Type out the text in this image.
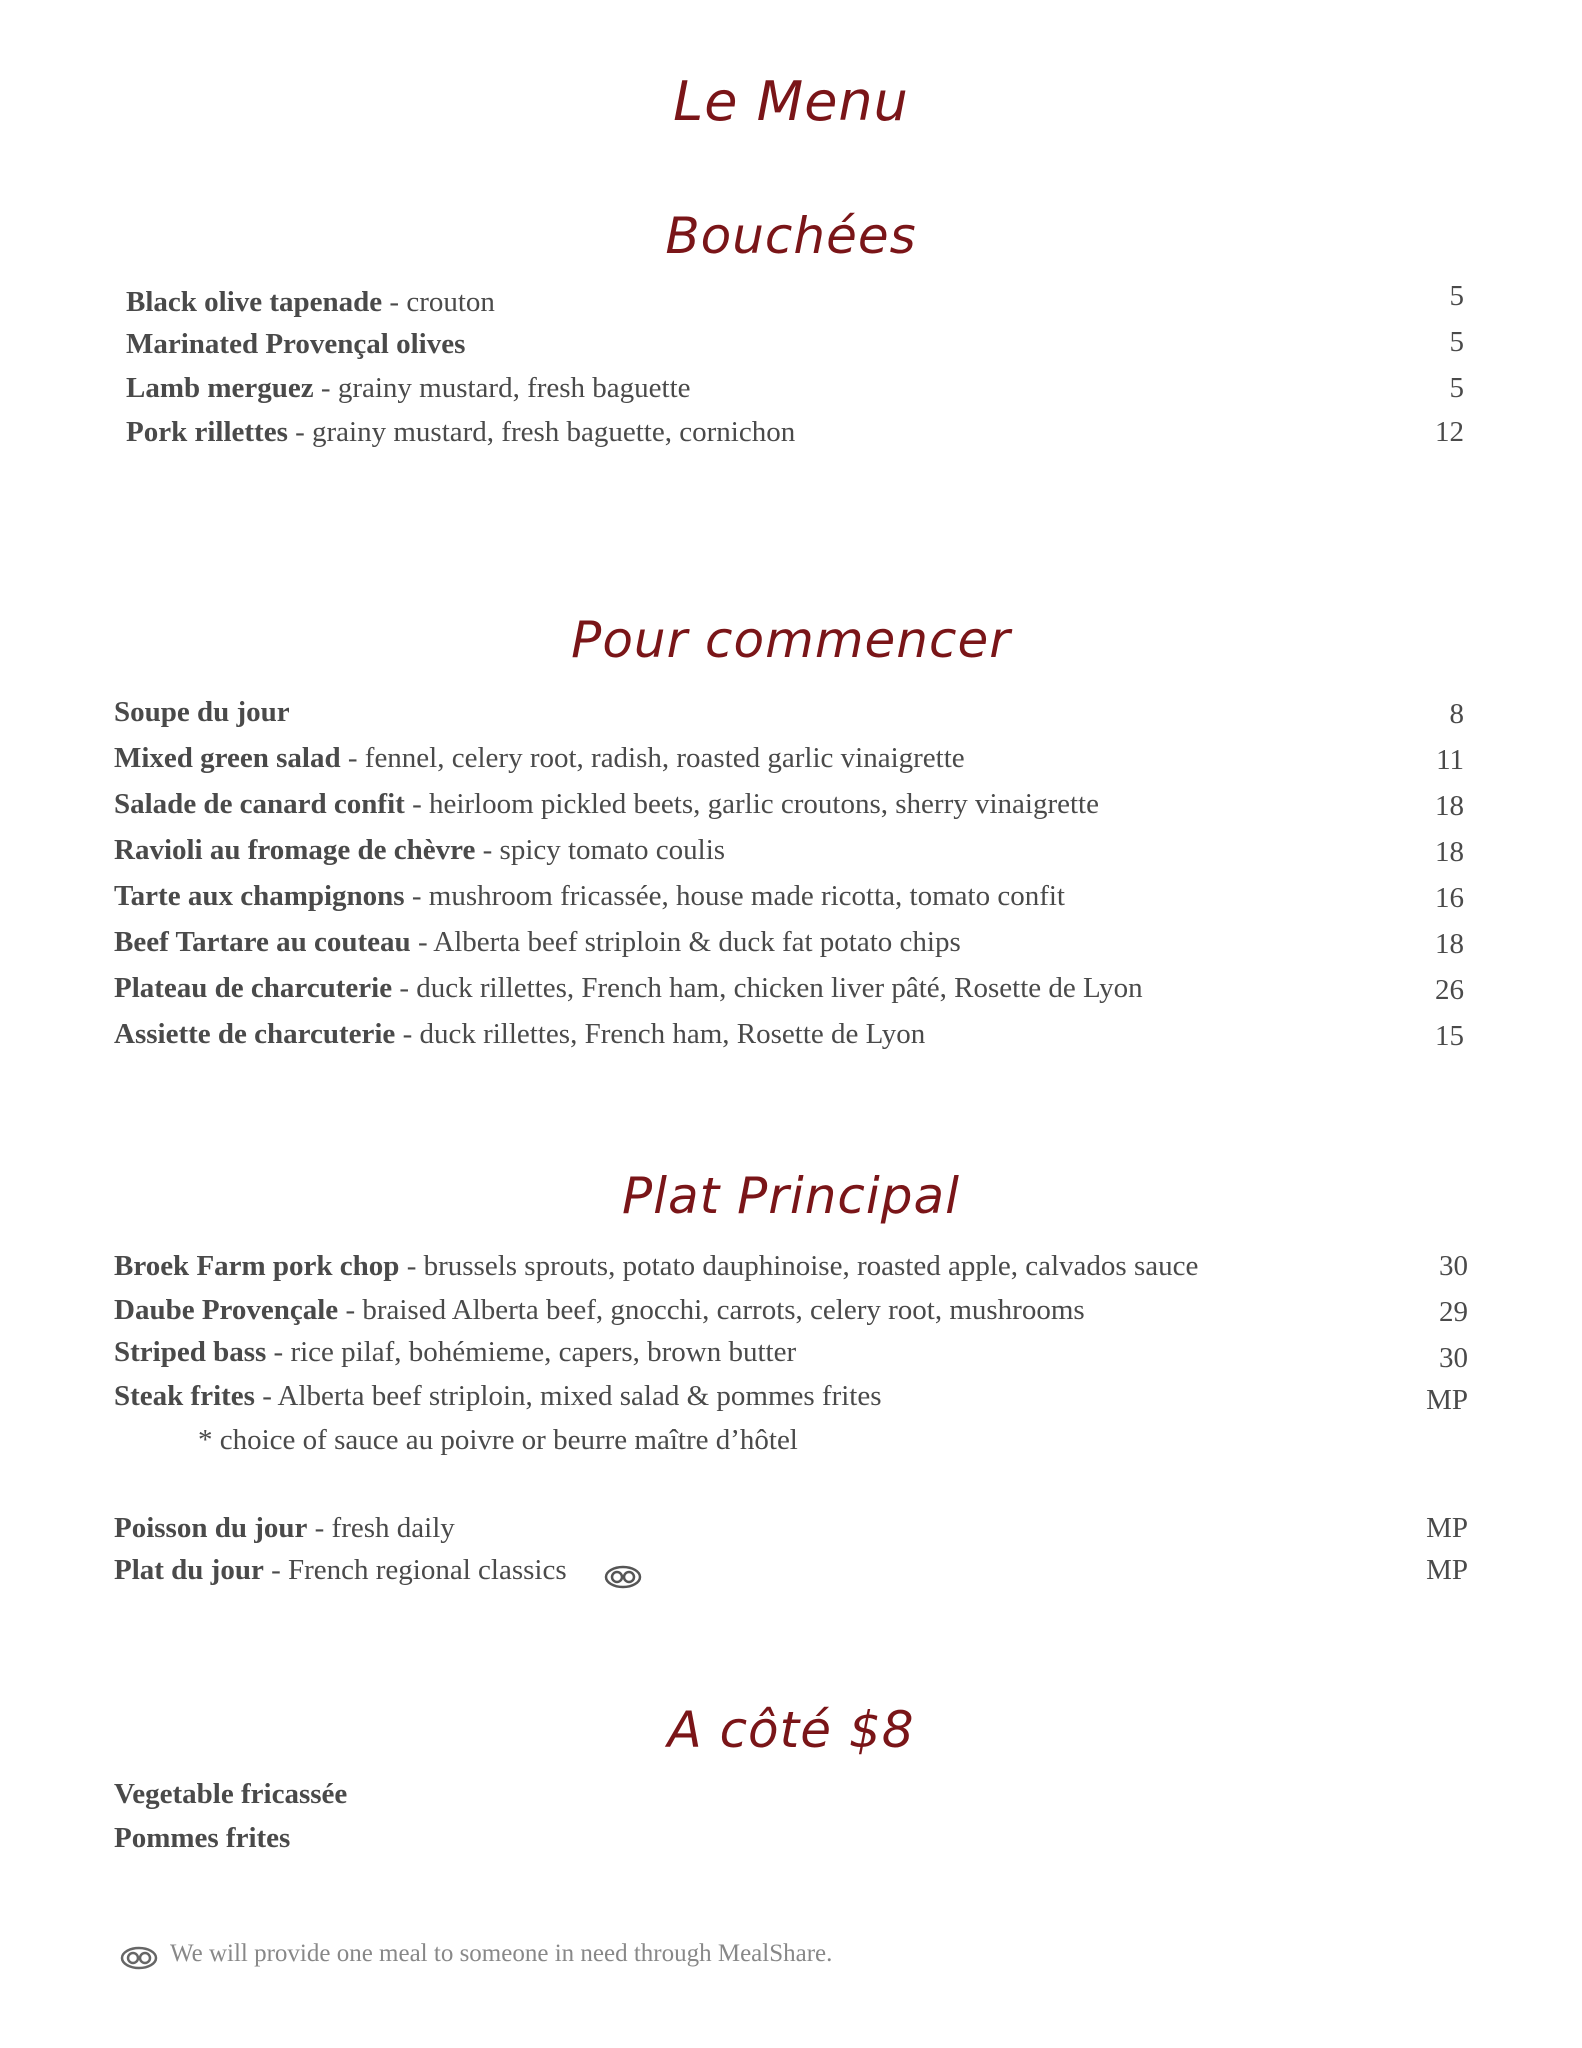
Le Menu
Bouchées
Black olive tapenade - crouton	5
Marinated Provençal olives	5
Lamb merguez - grainy mustard, fresh baguette	5
Pork rillettes - grainy mustard, fresh baguette, cornichon	12
Pour commencer
Soupe du jour	8
Mixed green salad - fennel, celery root, radish, roasted garlic vinaigrette	11
Salade de canard confit - heirloom pickled beets, garlic croutons, sherry vinaigrette	18
Ravioli au fromage de chèvre - spicy tomato coulis	18
Tarte aux champignons - mushroom fricassée, house made ricotta, tomato confit	16
Beef Tartare au couteau - Alberta beef striploin & duck fat potato chips	18
Plateau de charcuterie - duck rillettes, French ham, chicken liver pâté, Rosette de Lyon	26
Assiette de charcuterie - duck rillettes, French ham, Rosette de Lyon	15
Plat Principal
Broek Farm pork chop - brussels sprouts, potato dauphinoise, roasted apple, calvados sauce	30
Daube Provençale - braised Alberta beef, gnocchi, carrots, celery root, mushrooms	29
Striped bass - rice pilaf, bohémieme, capers, brown butter	30
Steak frites - Alberta beef striploin, mixed salad & pommes frites	MP
* choice of sauce au poivre or beurre maître d’hôtel
Poisson du jour - fresh daily	MP
Plat du jour - French regional classics	MP
A côté $8
Vegetable fricassée
Pommes frites
We will provide one meal to someone in need through MealShare.
